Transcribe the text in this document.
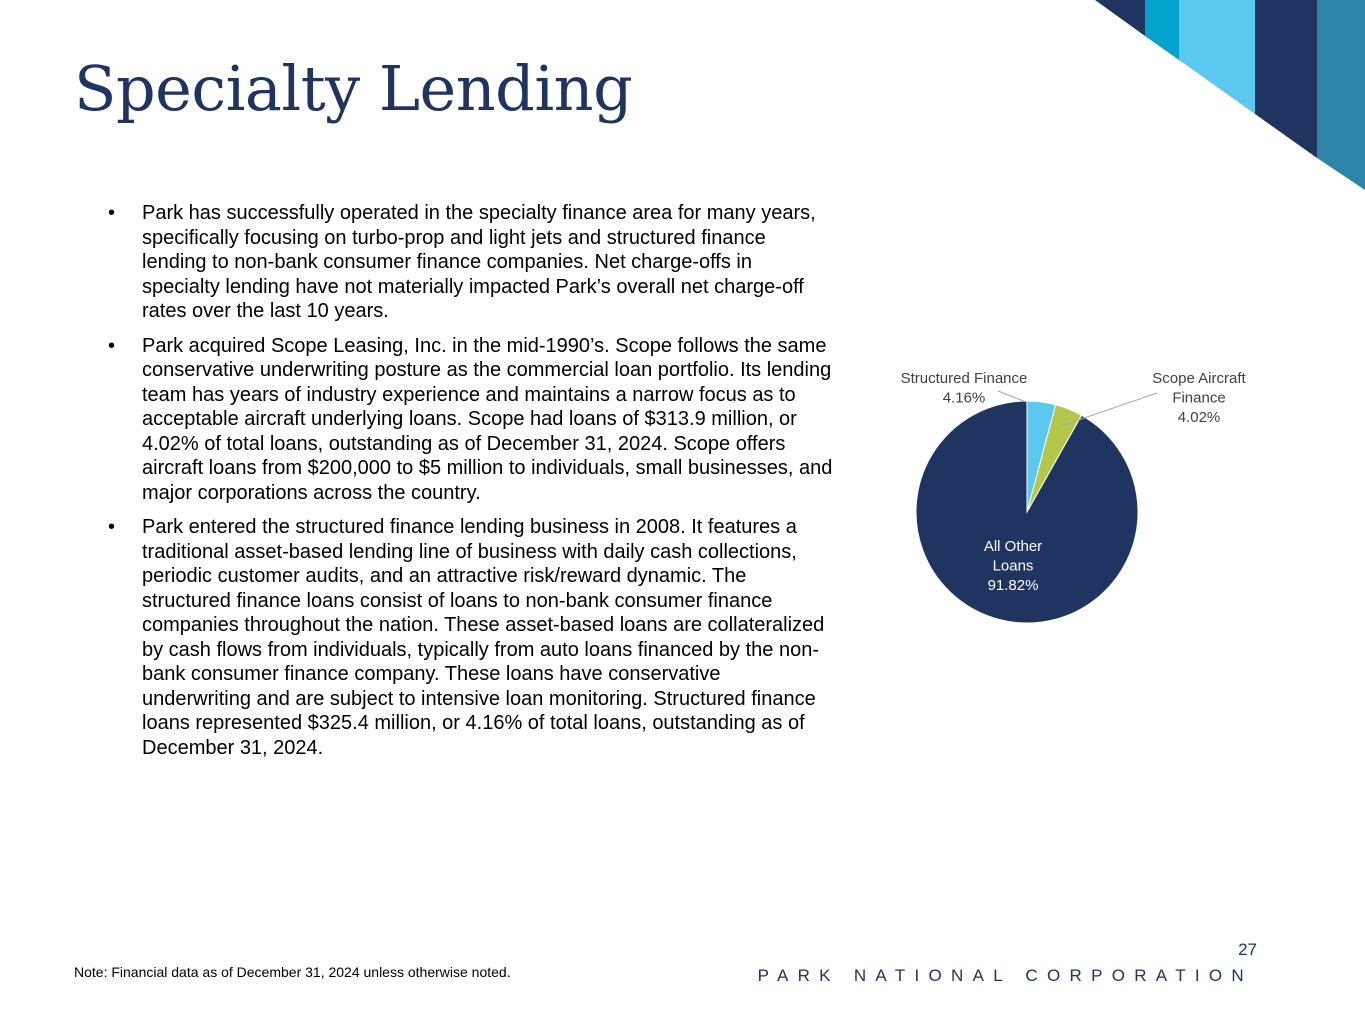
Specialty Lending
• Park has successfully operated in the specialty finance area for many years, specifically focusing on turbo-prop and light jets and structured finance lending to non-bank consumer finance companies. Net charge-offs in specialty lending have not materially impacted Park’s overall net charge-off rates over the last 10 years.
• Park acquired Scope Leasing, Inc. in the mid-1990’s. Scope follows the same conservative underwriting posture as the commercial loan portfolio. Its lending team has years of industry experience and maintains a narrow focus as to acceptable aircraft underlying loans. Scope had loans of $313.9 million, or 4.02% of total loans, outstanding as of December 31, 2024. Scope offers aircraft loans from $200,000 to $5 million to individuals, small businesses, and major corporations across the country.
• Park entered the structured finance lending business in 2008. It features a traditional asset-based lending line of business with daily cash collections, periodic customer audits, and an attractive risk/reward dynamic. The structured finance loans consist of loans to non-bank consumer finance companies throughout the nation. These asset-based loans are collateralized by cash flows from individuals, typically from auto loans financed by the non-bank consumer finance company. These loans have conservative underwriting and are subject to intensive loan monitoring. Structured finance loans represented $325.4 million, or 4.16% of total loans, outstanding as of December 31, 2024.
Structured Finance 4.16%
Scope Aircraft Finance 4.02%
All Other Loans 91.82%
Note: Financial data as of December 31, 2024 unless otherwise noted.
27
PARK NATIONAL CORPORATION
